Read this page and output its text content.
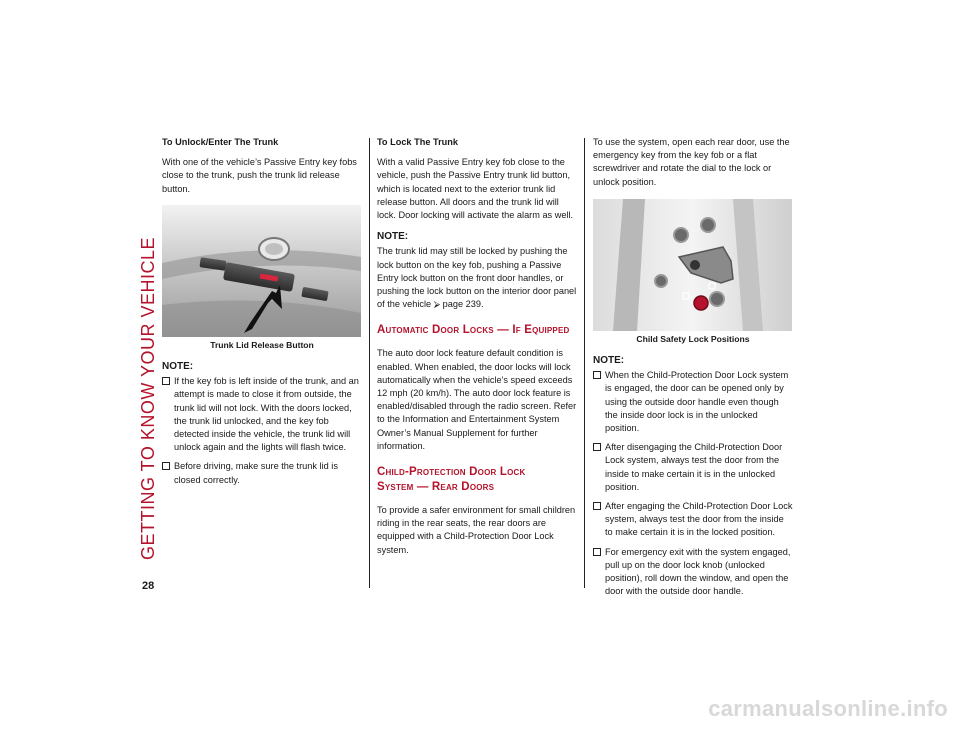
GETTING TO KNOW YOUR VEHICLE
28
To Unlock/Enter The Trunk

With one of the vehicle’s Passive Entry key fobs close to the trunk, push the trunk lid release button.

Trunk Lid Release Button
NOTE:
If the key fob is left inside of the trunk, and an attempt is made to close it from outside, the trunk lid will not lock. With the doors locked, the trunk lid unlocked, and the key fob detected inside the vehicle, the trunk lid will unlock again and the lights will flash twice.
Before driving, make sure the trunk lid is closed correctly.
To Lock The Trunk

With a valid Passive Entry key fob close to the vehicle, push the Passive Entry trunk lid button, which is located next to the exterior trunk lid release button. All doors and the trunk lid will lock. Door locking will activate the alarm as well.

NOTE:

The trunk lid may still be locked by pushing the lock button on the key fob, pushing a Passive Entry lock button on the front door handles, or pushing the lock button on the interior door panel of the vehicle ⮚ page 239.

Automatic Door Locks — If Equipped

The auto door lock feature default condition is enabled. When enabled, the door locks will lock automatically when the vehicle's speed exceeds 12 mph (20 km/h). The auto door lock feature is enabled/disabled through the radio screen. Refer to the Information and Entertainment System Owner’s Manual Supplement for further information.

Child-Protection Door Lock
System — Rear Doors

To provide a safer environment for small children riding in the rear seats, the rear doors are equipped with a Child-Protection Door Lock system.

To use the system, open each rear door, use the emergency key from the key fob or a flat screwdriver and rotate the dial to the lock or unlock position.

Child Safety Lock Positions
NOTE:
When the Child-Protection Door Lock system is engaged, the door can be opened only by using the outside door handle even though the inside door lock is in the unlocked position.
After disengaging the Child-Protection Door Lock system, always test the door from the inside to make certain it is in the unlocked position.
After engaging the Child-Protection Door Lock system, always test the door from the inside to make certain it is in the locked position.
For emergency exit with the system engaged, pull up on the door lock knob (unlocked position), roll down the window, and open the door with the outside door handle.
carmanualsonline.info
